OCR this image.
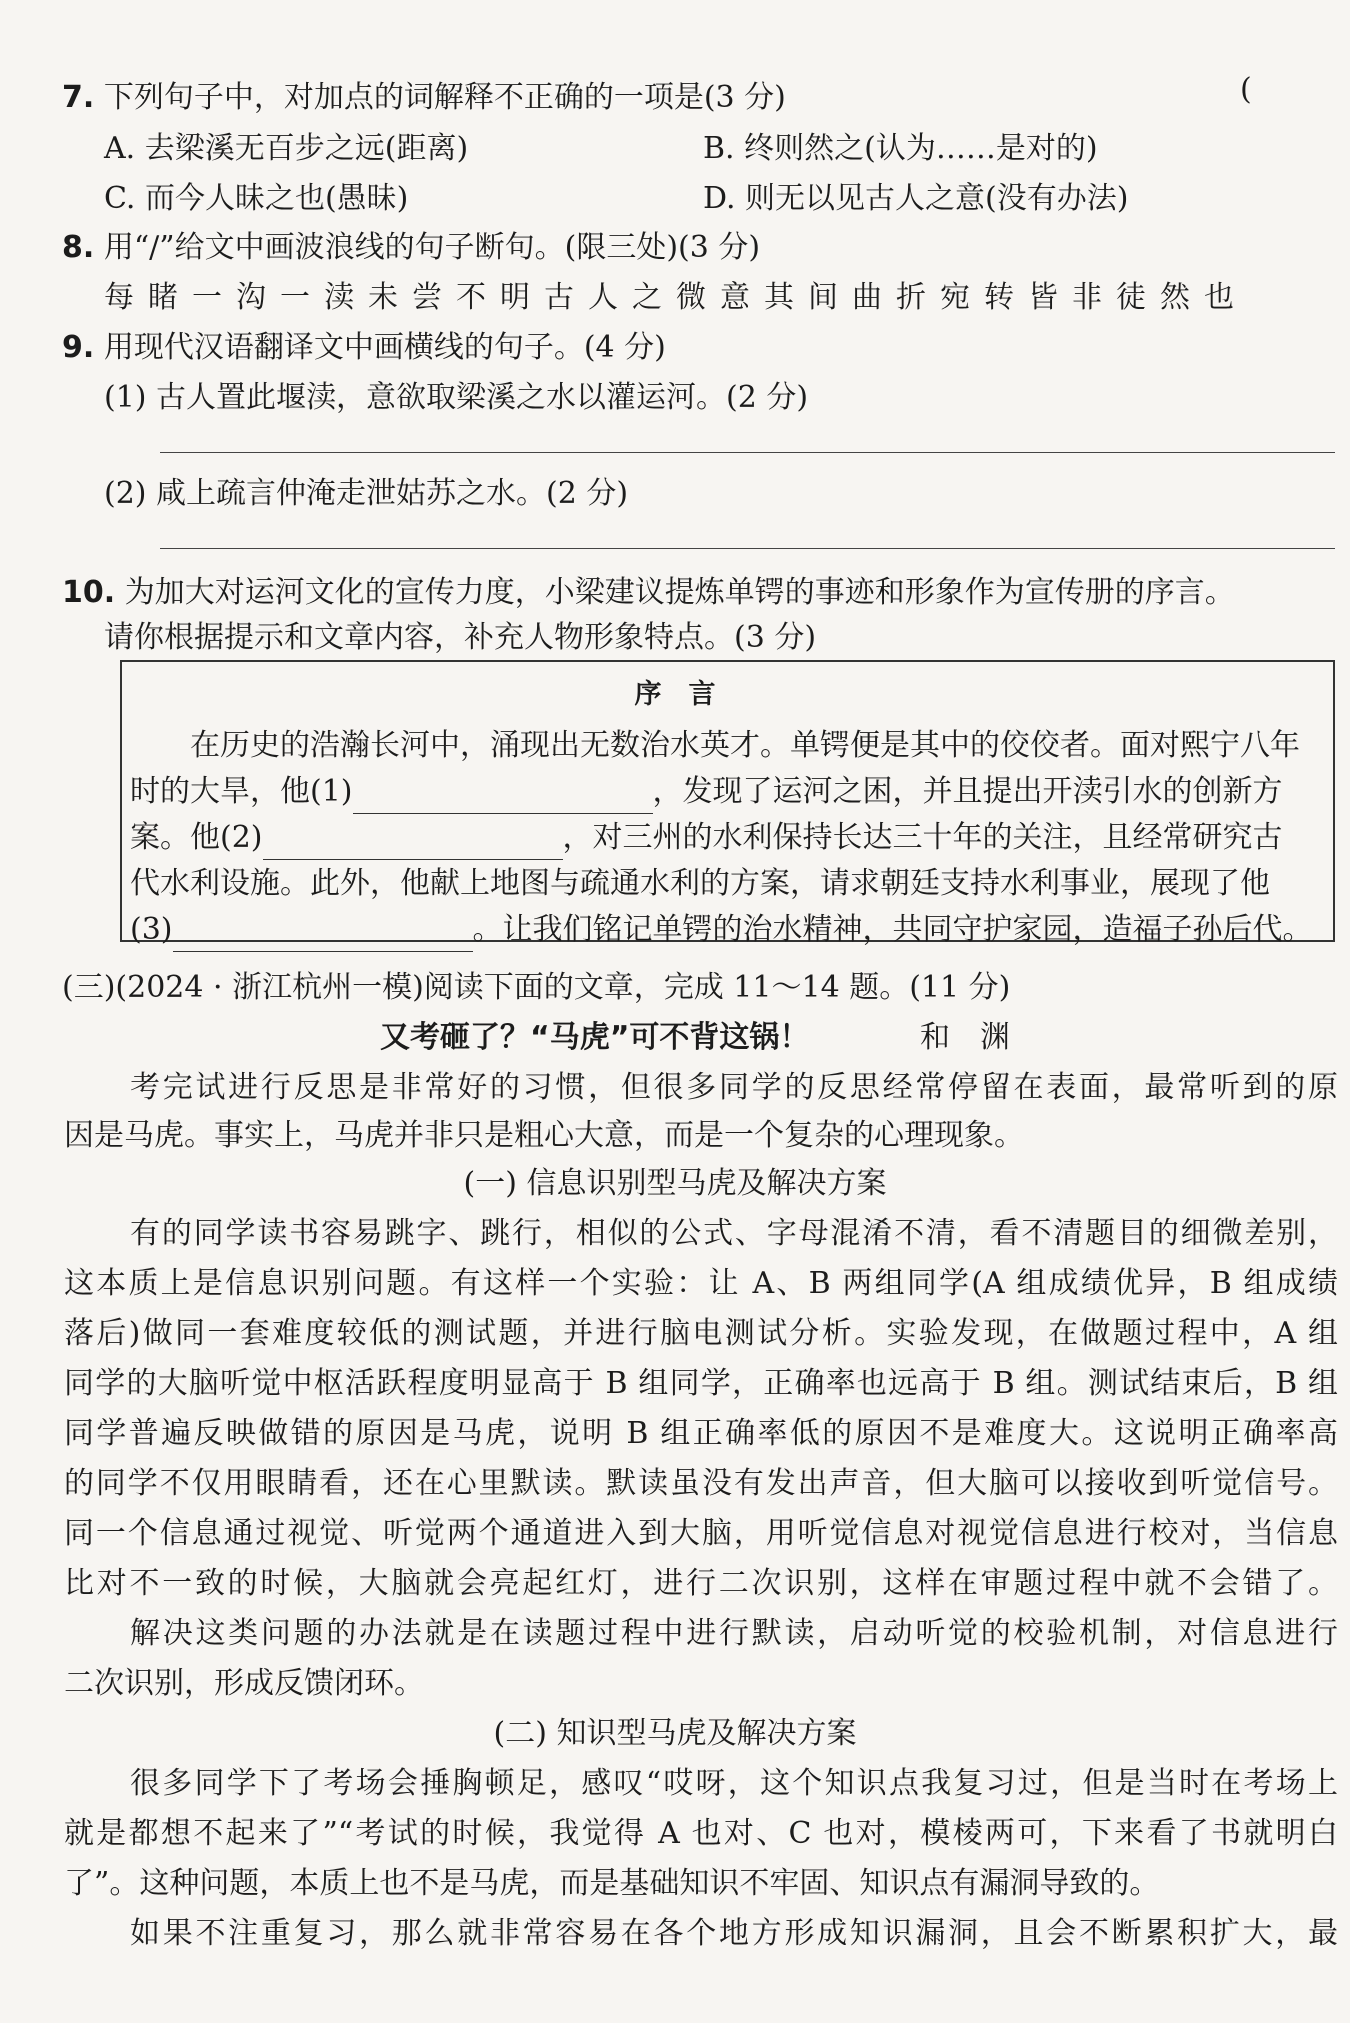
7. 下列句子中，对加点的词解释不正确的一项是(3 分)	(
A. 去梁溪无百步之远(距离)	B. 终则然之(认为……是对的)
C. 而今人昧之也(愚昧)	D. 则无以见古人之意(没有办法)
8. 用“/”给文中画波浪线的句子断句。(限三处)(3 分)
每睹一沟一渎未尝不明古人之微意其间曲折宛转皆非徒然也
9. 用现代汉语翻译文中画横线的句子。(4 分)
(1) 古人置此堰渎，意欲取梁溪之水以灌运河。(2 分)
(2) 咸上疏言仲淹走泄姑苏之水。(2 分)
10. 为加大对运河文化的宣传力度，小梁建议提炼单锷的事迹和形象作为宣传册的序言。
请你根据提示和文章内容，补充人物形象特点。(3 分)
序　言
在历史的浩瀚长河中，涌现出无数治水英才。单锷便是其中的佼佼者。面对熙宁八年
时的大旱，他(1)	，发现了运河之困，并且提出开渎引水的创新方
案。他(2)	，对三州的水利保持长达三十年的关注，且经常研究古
代水利设施。此外，他献上地图与疏通水利的方案，请求朝廷支持水利事业，展现了他
(3)	。让我们铭记单锷的治水精神，共同守护家园，造福子孙后代。
(三)(2024 · 浙江杭州一模)阅读下面的文章，完成 11～14 题。(11 分)
又考砸了？“马虎”可不背这锅！	和　渊
考完试进行反思是非常好的习惯，但很多同学的反思经常停留在表面，最常听到的原
因是马虎。事实上，马虎并非只是粗心大意，而是一个复杂的心理现象。
(一) 信息识别型马虎及解决方案
有的同学读书容易跳字、跳行，相似的公式、字母混淆不清，看不清题目的细微差别，
这本质上是信息识别问题。有这样一个实验：让 A、B 两组同学(A 组成绩优异，B 组成绩
落后)做同一套难度较低的测试题，并进行脑电测试分析。实验发现，在做题过程中，A 组
同学的大脑听觉中枢活跃程度明显高于 B 组同学，正确率也远高于 B 组。测试结束后，B 组
同学普遍反映做错的原因是马虎，说明 B 组正确率低的原因不是难度大。这说明正确率高
的同学不仅用眼睛看，还在心里默读。默读虽没有发出声音，但大脑可以接收到听觉信号。
同一个信息通过视觉、听觉两个通道进入到大脑，用听觉信息对视觉信息进行校对，当信息
比对不一致的时候，大脑就会亮起红灯，进行二次识别，这样在审题过程中就不会错了。
解决这类问题的办法就是在读题过程中进行默读，启动听觉的校验机制，对信息进行
二次识别，形成反馈闭环。
(二) 知识型马虎及解决方案
很多同学下了考场会捶胸顿足，感叹“哎呀，这个知识点我复习过，但是当时在考场上
就是都想不起来了”“考试的时候，我觉得 A 也对、C 也对，模棱两可，下来看了书就明白
了”。这种问题，本质上也不是马虎，而是基础知识不牢固、知识点有漏洞导致的。
如果不注重复习，那么就非常容易在各个地方形成知识漏洞，且会不断累积扩大，最
